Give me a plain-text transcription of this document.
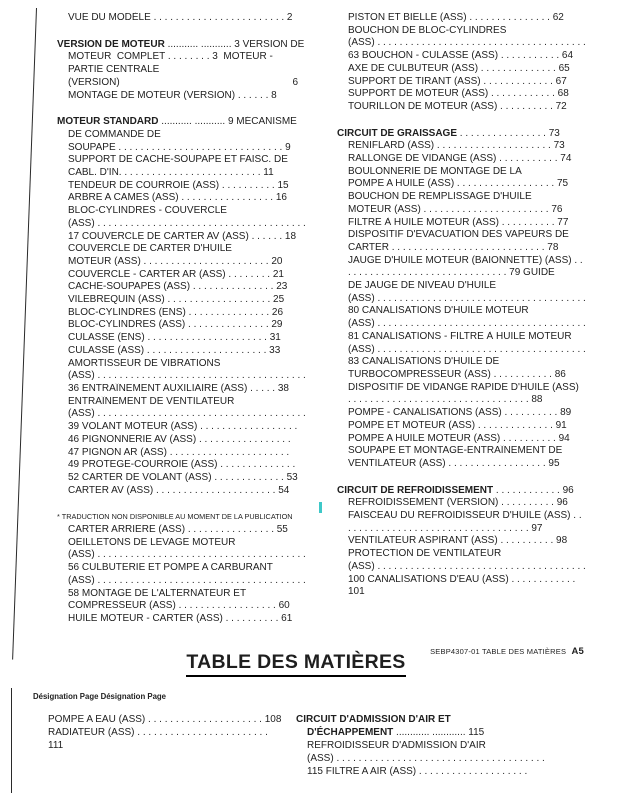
VUE DU MODÈLE . . . . . . . . . . . . . . . . . . . . . . . . 2
VERSION DE MOTEUR ........... ........... 3 VERSION DE
MOTEUR  COMPLET . . . . . . . . 3  MOTEUR -
PARTIE CENTRALE
(VERSION)	6
MONTAGE DE MOTEUR (VERSION) . . . . . . 8
MOTEUR STANDARD ........... ........... 9 MÉCANISME
DE COMMANDE DE
SOUPAPE . . . . . . . . . . . . . . . . . . . . . . . . . . . . . . 9
SUPPORT DE CACHE-SOUPAPE ET FAISC. DE
CABL. D'IN. . . . . . . . . . . . . . . . . . . . . . . . . . 11
TENDEUR DE COURROIE (ASS) . . . . . . . . . . 15
ARBRE A CAMES (ASS) . . . . . . . . . . . . . . . . . 16
BLOC-CYLINDRES - COUVERCLE
(ASS) . . . . . . . . . . . . . . . . . . . . . . . . . . . . . . . . . . . . . .
17 COUVERCLE DE CARTER AV (ASS) . . . . . . 18
COUVERCLE DE CARTER D'HUILE
MOTEUR (ASS) . . . . . . . . . . . . . . . . . . . . . . . 20
COUVERCLE - CARTER AR (ASS) . . . . . . . . 21
CACHE-SOUPAPES (ASS) . . . . . . . . . . . . . . . 23
VILEBREQUIN (ASS) . . . . . . . . . . . . . . . . . . . 25
BLOC-CYLINDRES (ENS) . . . . . . . . . . . . . . . 26
BLOC-CYLINDRES (ASS) . . . . . . . . . . . . . . . 29
CULASSE (ENS) . . . . . . . . . . . . . . . . . . . . . . 31
CULASSE (ASS) . . . . . . . . . . . . . . . . . . . . . . 33
AMORTISSEUR DE VIBRATIONS
(ASS) . . . . . . . . . . . . . . . . . . . . . . . . . . . . . . . . . . . . . .
36 ENTRAÎNEMENT AUXILIAIRE (ASS) . . . . . 38
ENTRAÎNEMENT DE VENTILATEUR
(ASS) . . . . . . . . . . . . . . . . . . . . . . . . . . . . . . . . . . . . . .
39 VOLANT MOTEUR (ASS) . . . . . . . . . . . . . . . . . .
46 PIGNONNERIE AV (ASS) . . . . . . . . . . . . . . . . .
47 PIGNON AR (ASS) . . . . . . . . . . . . . . . . . . . . . .
49 PROTEGE-COURROIE (ASS) . . . . . . . . . . . . . .
52 CARTER DE VOLANT (ASS) . . . . . . . . . . . . . 53
CARTER AV (ASS) . . . . . . . . . . . . . . . . . . . . . . 54
* TRADUCTION NON DISPONIBLE AU MOMENT DE LA PUBLICATION
CARTER ARRIERE (ASS) . . . . . . . . . . . . . . . . 55
OEILLETONS DE LEVAGE MOTEUR
(ASS) . . . . . . . . . . . . . . . . . . . . . . . . . . . . . . . . . . . . . .
56 CULBUTERIE ET POMPE A CARBURANT
(ASS) . . . . . . . . . . . . . . . . . . . . . . . . . . . . . . . . . . . . . .
58 MONTAGE DE L'ALTERNATEUR ET
COMPRESSEUR (ASS) . . . . . . . . . . . . . . . . . . 60
HUILE MOTEUR - CARTER (ASS) . . . . . . . . . . 61
PISTON ET BIELLE (ASS) . . . . . . . . . . . . . . . 62
BOUCHON DE BLOC-CYLINDRES
(ASS) . . . . . . . . . . . . . . . . . . . . . . . . . . . . . . . . . . . . . .
63 BOUCHON - CULASSE (ASS) . . . . . . . . . . . 64
AXE DE CULBUTEUR (ASS) . . . . . . . . . . . . . . 65
SUPPORT DE TIRANT (ASS) . . . . . . . . . . . . . 67
SUPPORT DE MOTEUR (ASS) . . . . . . . . . . . . 68
TOURILLON DE MOTEUR (ASS) . . . . . . . . . . 72
CIRCUIT DE GRAISSAGE . . . . . . . . . . . . . . . . 73
RENIFLARD (ASS) . . . . . . . . . . . . . . . . . . . . . 73
RALLONGE DE VIDANGE (ASS) . . . . . . . . . . . 74
BOULONNERIE DE MONTAGE DE LA
POMPE A HUILE (ASS) . . . . . . . . . . . . . . . . . . 75
BOUCHON DE REMPLISSAGE D'HUILE
MOTEUR (ASS) . . . . . . . . . . . . . . . . . . . . . . . 76
FILTRE À HUILE MOTEUR (ASS) . . . . . . . . . . 77
DISPOSITIF D'EVACUATION DES VAPEURS DE
CARTER . . . . . . . . . . . . . . . . . . . . . . . . . . . . 78
JAUGE D'HUILE MOTEUR (BAIONNETTE) (ASS) . .
. . . . . . . . . . . . . . . . . . . . . . . . . . . . . 79 GUIDE
DE JAUGE DE NIVEAU D'HUILE
(ASS) . . . . . . . . . . . . . . . . . . . . . . . . . . . . . . . . . . . . . .
80 CANALISATIONS D'HUILE MOTEUR
(ASS) . . . . . . . . . . . . . . . . . . . . . . . . . . . . . . . . . . . . . .
81 CANALISATIONS - FILTRE À HUILE MOTEUR
(ASS) . . . . . . . . . . . . . . . . . . . . . . . . . . . . . . . . . . . . . .
83 CANALISATIONS D'HUILE DE
TURBOCOMPRESSEUR (ASS) . . . . . . . . . . . 86
DISPOSITIF DE VIDANGE RAPIDE D'HUILE (ASS)
. . . . . . . . . . . . . . . . . . . . . . . . . . . . . . . . . 88
POMPE - CANALISATIONS (ASS) . . . . . . . . . . 89
POMPE ET MOTEUR (ASS) . . . . . . . . . . . . . . 91
POMPE A HUILE MOTEUR (ASS) . . . . . . . . . . 94
SOUPAPE ET MONTAGE-ENTRAÎNEMENT DE
VENTILATEUR (ASS) . . . . . . . . . . . . . . . . . . 95
CIRCUIT DE REFROIDISSEMENT . . . . . . . . . . . . 96
REFROIDISSEMENT (VERSION) . . . . . . . . . . 96
FAISCEAU DU REFROIDISSEUR D'HUILE (ASS) . .
. . . . . . . . . . . . . . . . . . . . . . . . . . . . . . . . . 97
VENTILATEUR ASPIRANT (ASS) . . . . . . . . . . 98
PROTECTION DE VENTILATEUR
(ASS) . . . . . . . . . . . . . . . . . . . . . . . . . . . . . . . . . . . . . .
100 CANALISATIONS D'EAU (ASS) . . . . . . . . . . . .
101
SEBP4307-01 TABLE DES MATIÈRES A5
TABLE DES MATIÈRES
Désignation Page Désignation Page
POMPE A EAU (ASS) . . . . . . . . . . . . . . . . . . . . . 108
RADIATEUR (ASS) . . . . . . . . . . . . . . . . . . . . . . . .
111
CIRCUIT D'ADMISSION D'AIR ET
D'ÉCHAPPEMENT ............ ............ 115
REFROIDISSEUR D'ADMISSION D'AIR
(ASS) . . . . . . . . . . . . . . . . . . . . . . . . . . . . . . . . . . . . . .
115 FILTRE A AIR (ASS) . . . . . . . . . . . . . . . . . . . .
